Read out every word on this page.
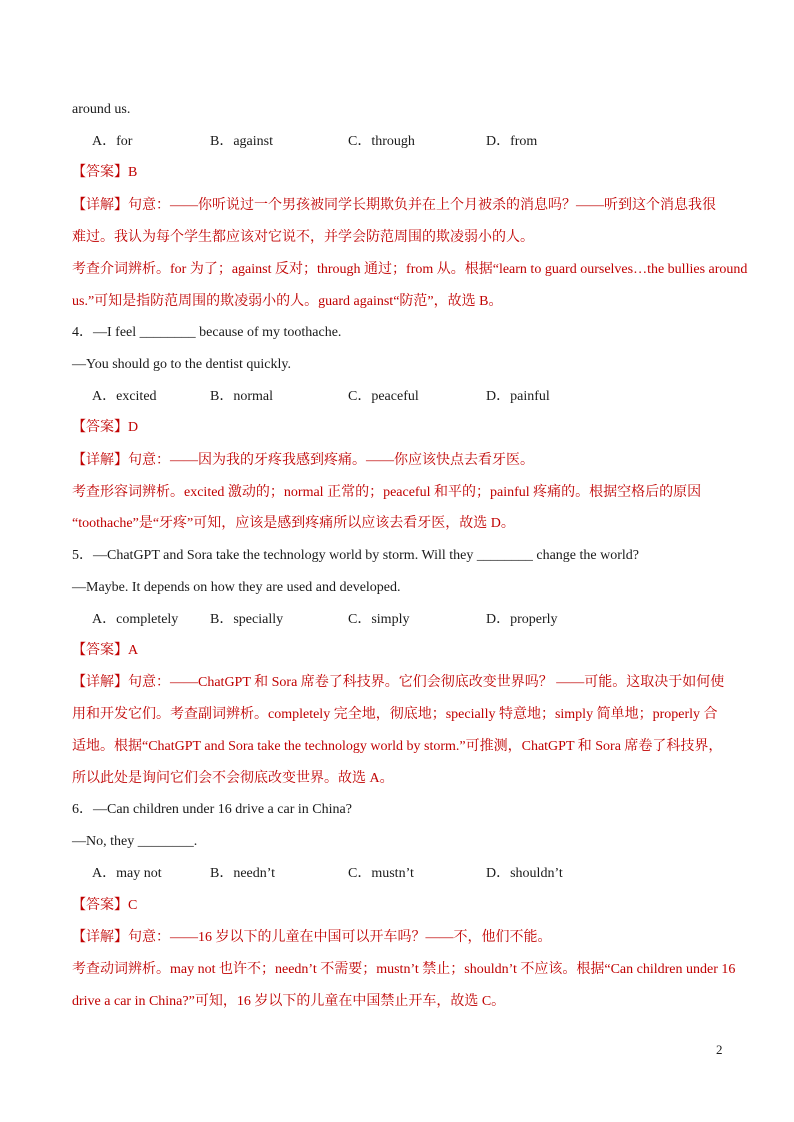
around us.
A．for	B．against	C．through	D．from
【答案】B
【详解】句意：——你听说过一个男孩被同学长期欺负并在上个月被杀的消息吗？——听到这个消息我很
难过。我认为每个学生都应该对它说不，并学会防范周围的欺凌弱小的人。
考查介词辨析。for 为了；against 反对；through 通过；from 从。根据“learn to guard ourselves…the bullies around
us.”可知是指防范周围的欺凌弱小的人。guard against“防范”，故选 B。
4．—I feel ________ because of my toothache.
—You should go to the dentist quickly.
A．excited	B．normal	C．peaceful	D．painful
【答案】D
【详解】句意：——因为我的牙疼我感到疼痛。——你应该快点去看牙医。
考查形容词辨析。excited 激动的；normal 正常的；peaceful 和平的；painful 疼痛的。根据空格后的原因
“toothache”是“牙疼”可知，应该是感到疼痛所以应该去看牙医，故选 D。
5．—ChatGPT and Sora take the technology world by storm. Will they ________ change the world?
—Maybe. It depends on how they are used and developed.
A．completely B．specially	C．simply	D．properly
【答案】A
【详解】句意：——ChatGPT 和 Sora 席卷了科技界。它们会彻底改变世界吗？ ——可能。这取决于如何使
用和开发它们。考查副词辨析。completely 完全地，彻底地；specially 特意地；simply 简单地；properly 合
适地。根据“ChatGPT and Sora take the technology world by storm.”可推测，ChatGPT 和 Sora 席卷了科技界，
所以此处是询问它们会不会彻底改变世界。故选 A。
6．—Can children under 16 drive a car in China?
—No, they ________.
A．may not	B．needn’t	C．mustn’t	D．shouldn’t
【答案】C
【详解】句意：——16 岁以下的儿童在中国可以开车吗？——不，他们不能。
考查动词辨析。may not 也许不；needn’t 不需要；mustn’t 禁止；shouldn’t 不应该。根据“Can children under 16
drive a car in China?”可知，16 岁以下的儿童在中国禁止开车，故选 C。
2
